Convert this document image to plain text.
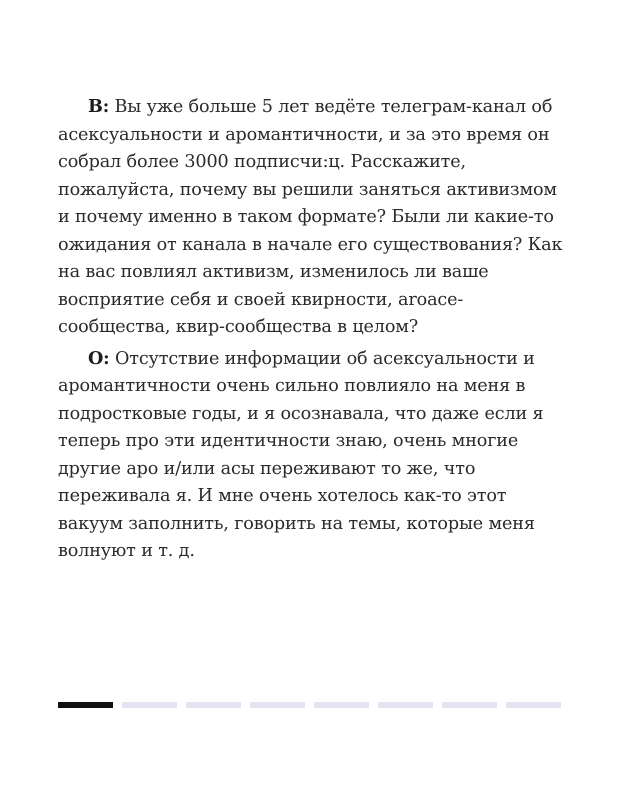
В: Вы уже больше 5 лет ведёте телеграм-канал об асексуальности и аромантичности, и за это время он собрал более 3000 подписчи:ц. Расскажите, пожалуйста, почему вы решили заняться активизмом и почему именно в таком формате? Были ли какие-то ожидания от канала в начале его существования? Как на вас повлиял активизм, изменилось ли ваше восприятие себя и своей квирности, aroace-сообщества, квир-сообщества в целом?

О: Отсутствие информации об асексуальности и аромантичности очень сильно повлияло на меня в подростковые годы, и я осознавала, что даже если я теперь про эти идентичности знаю, очень многие другие аро и/или асы переживают то же, что переживала я. И мне очень хотелось как-то этот вакуум заполнить, говорить на темы, которые меня волнуют и т. д.
